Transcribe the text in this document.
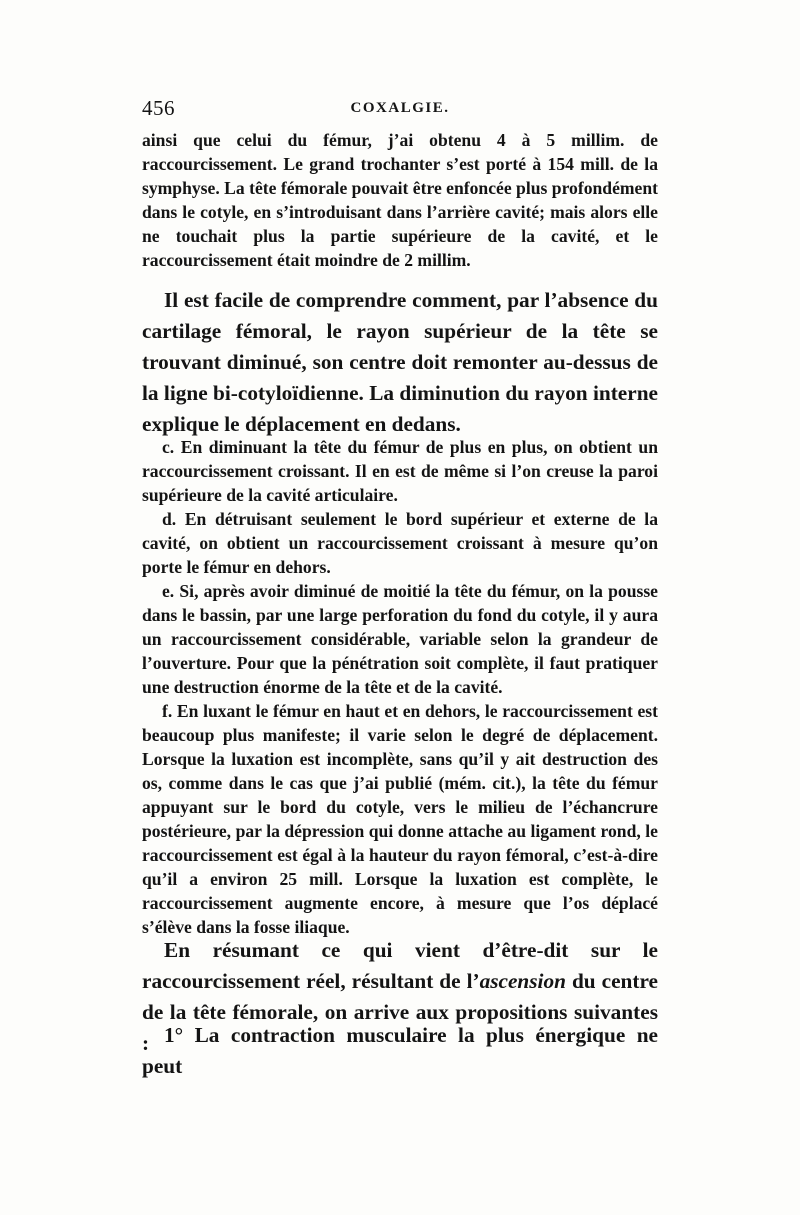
456	COXALGIE.

ainsi que celui du fémur, j’ai obtenu 4 à 5 millim. de raccourcissement. Le grand trochanter s’est porté à 154 mill. de la symphyse. La tête fémorale pouvait être enfoncée plus profondément dans le cotyle, en s’introduisant dans l’arrière cavité; mais alors elle ne touchait plus la partie supérieure de la cavité, et le raccourcissement était moindre de 2 millim.

Il est facile de comprendre comment, par l’absence du cartilage fémoral, le rayon supérieur de la tête se trouvant diminué, son centre doit remonter au-dessus de la ligne bi-cotyloïdienne. La diminution du rayon interne explique le déplacement en dedans.

c. En diminuant la tête du fémur de plus en plus, on obtient un raccourcissement croissant. Il en est de même si l’on creuse la paroi supérieure de la cavité articulaire.

d. En détruisant seulement le bord supérieur et externe de la cavité, on obtient un raccourcissement croissant à mesure qu’on porte le fémur en dehors.

e. Si, après avoir diminué de moitié la tête du fémur, on la pousse dans le bassin, par une large perforation du fond du cotyle, il y aura un raccourcissement considérable, variable selon la grandeur de l’ouverture. Pour que la pénétration soit complète, il faut pratiquer une destruction énorme de la tête et de la cavité.

f. En luxant le fémur en haut et en dehors, le raccourcissement est beaucoup plus manifeste; il varie selon le degré de déplacement. Lorsque la luxation est incomplète, sans qu’il y ait destruction des os, comme dans le cas que j’ai publié (mém. cit.), la tête du fémur appuyant sur le bord du cotyle, vers le milieu de l’échancrure postérieure, par la dépression qui donne attache au ligament rond, le raccourcissement est égal à la hauteur du rayon fémoral, c’est-à-dire qu’il a environ 25 mill. Lorsque la luxation est complète, le raccourcissement augmente encore, à mesure que l’os déplacé s’élève dans la fosse iliaque.

En résumant ce qui vient d’être-dit sur le raccourcissement réel, résultant de l’ascension du centre de la tête fémorale, on arrive aux propositions suivantes : 1° La contraction musculaire la plus énergique ne peut
